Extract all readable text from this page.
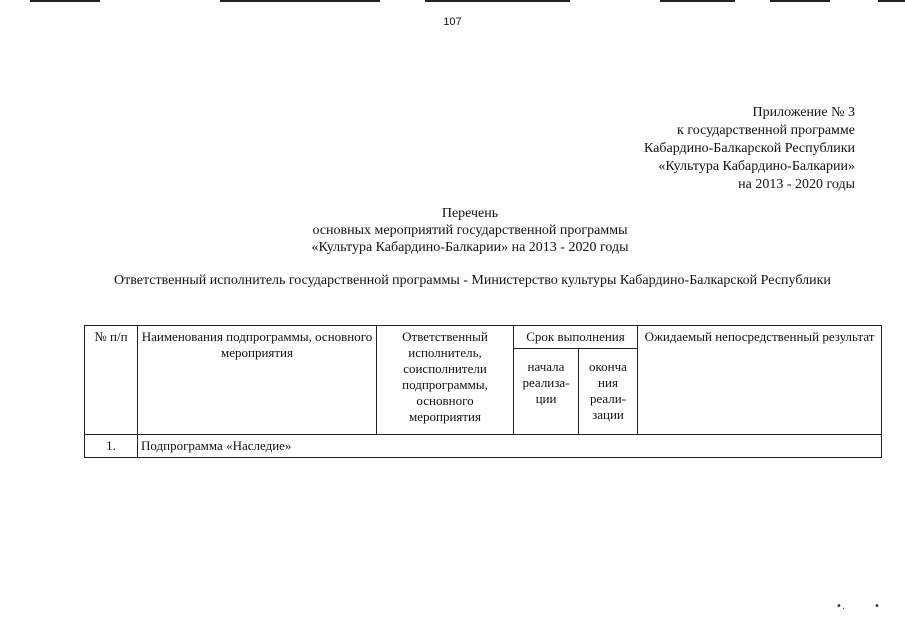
107
Приложение № 3
к государственной программе
Кабардино-Балкарской Республики
«Культура Кабардино-Балкарии»
на 2013 - 2020 годы
Перечень
основных мероприятий государственной программы
«Культура Кабардино-Балкарии» на 2013 - 2020 годы
Ответственный исполнитель государственной программы - Министерство культуры Кабардино-Балкарской Республики
№ п/п	Наименования подпрограммы, основного мероприятия	Ответственный исполнитель, соисполнители подпрограммы, основного мероприятия	Срок выполнения		Ожидаемый непосредственный результат
			начала реализа-ции	оконча ния реали-зации	
1.	Подпрограмма «Наследие»				
•.	•
